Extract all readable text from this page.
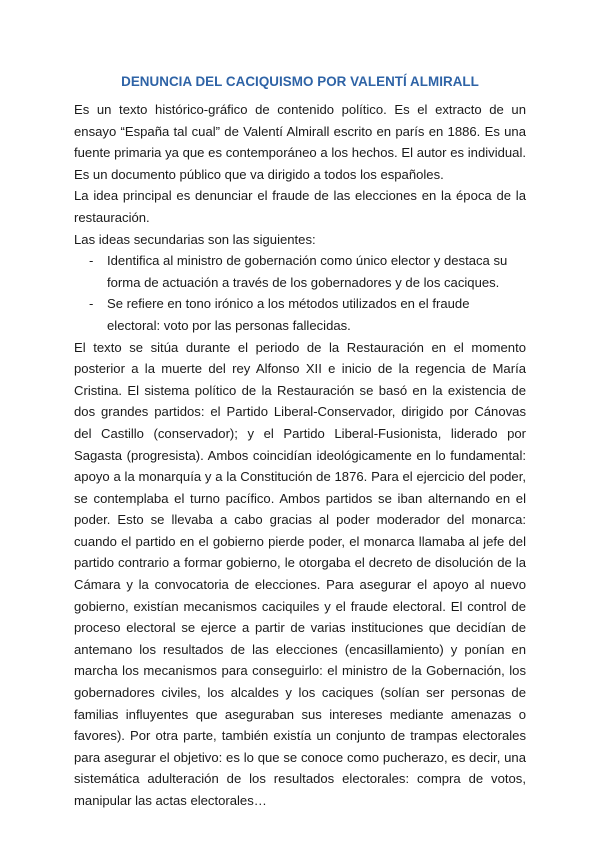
DENUNCIA DEL CACIQUISMO POR VALENTÍ ALMIRALL

Es un texto histórico-gráfico de contenido político. Es el extracto de un ensayo “España tal cual” de Valentí Almirall escrito en parís en 1886. Es una fuente primaria ya que es contemporáneo a los hechos. El autor es individual. Es un documento público que va dirigido a todos los españoles.

La idea principal es denunciar el fraude de las elecciones en la época de la restauración.

Las ideas secundarias son las siguientes:

- Identifica al ministro de gobernación como único elector y destaca su forma de actuación a través de los gobernadores y de los caciques.
- Se refiere en tono irónico a los métodos utilizados en el fraude electoral: voto por las personas fallecidas.

El texto se sitúa durante el periodo de la Restauración en el momento posterior a la muerte del rey Alfonso XII e inicio de la regencia de María Cristina. El sistema político de la Restauración se basó en la existencia de dos grandes partidos: el Partido Liberal-Conservador, dirigido por Cánovas del Castillo (conservador); y el Partido Liberal-Fusionista, liderado por Sagasta (progresista). Ambos coincidían ideológicamente en lo fundamental: apoyo a la monarquía y a la Constitución de 1876. Para el ejercicio del poder, se contemplaba el turno pacífico. Ambos partidos se iban alternando en el poder. Esto se llevaba a cabo gracias al poder moderador del monarca: cuando el partido en el gobierno pierde poder, el monarca llamaba al jefe del partido contrario a formar gobierno, le otorgaba el decreto de disolución de la Cámara y la convocatoria de elecciones. Para asegurar el apoyo al nuevo gobierno, existían mecanismos caciquiles y el fraude electoral. El control de proceso electoral se ejerce a partir de varias instituciones que decidían de antemano los resultados de las elecciones (encasillamiento) y ponían en marcha los mecanismos para conseguirlo: el ministro de la Gobernación, los gobernadores civiles, los alcaldes y los caciques (solían ser personas de familias influyentes que aseguraban sus intereses mediante amenazas o favores). Por otra parte, también existía un conjunto de trampas electorales para asegurar el objetivo: es lo que se conoce como pucherazo, es decir, una sistemática adulteración de los resultados electorales: compra de votos, manipular las actas electorales…
